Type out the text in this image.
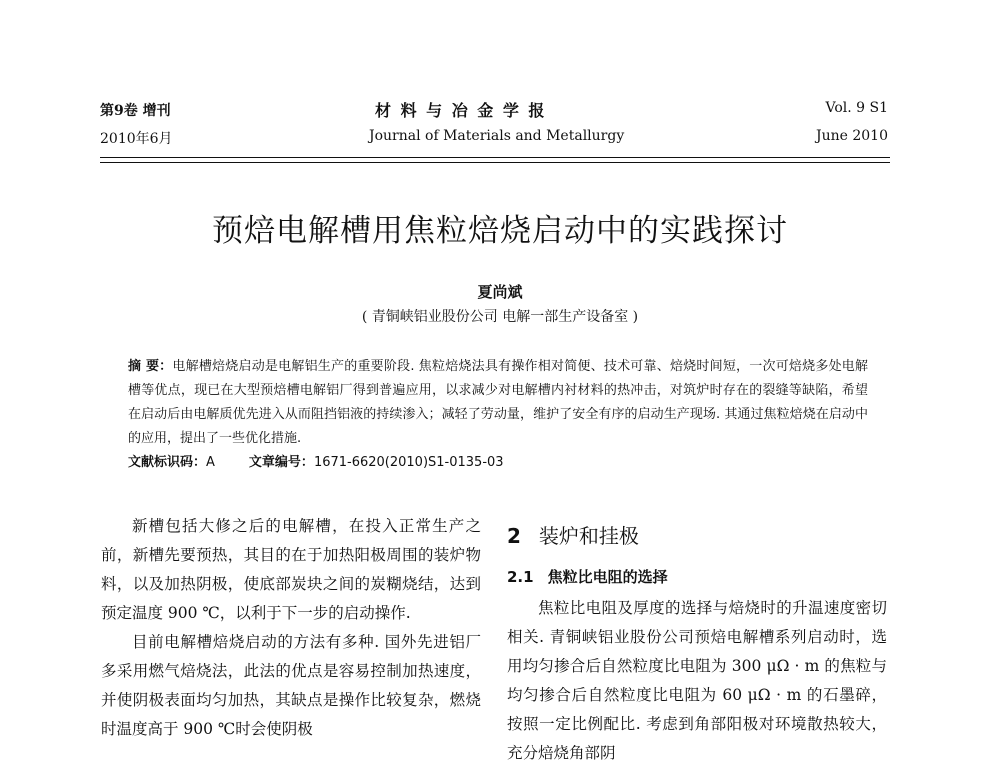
第9卷 增刊
2010年6月
材 料 与 冶 金 学 报
Journal of Materials and Metallurgy
Vol. 9 S1
June 2010
预焙电解槽用焦粒焙烧启动中的实践探讨
夏尚斌
( 青铜峡铝业股份公司 电解一部生产设备室 )
摘 要：电解槽焙烧启动是电解铝生产的重要阶段. 焦粒焙烧法具有操作相对简便、技术可靠、焙烧时间短，一次可焙烧多处电解槽等优点，现已在大型预焙槽电解铝厂得到普遍应用，以求减少对电解槽内衬材料的热冲击，对筑炉时存在的裂缝等缺陷，希望在启动后由电解质优先进入从而阻挡铝液的持续渗入；减轻了劳动量，维护了安全有序的启动生产现场. 其通过焦粒焙烧在启动中的应用，提出了一些优化措施.
文献标识码：A	文章编号：1671-6620(2010)S1-0135-03

新槽包括大修之后的电解槽，在投入正常生产之前，新槽先要预热，其目的在于加热阳极周围的装炉物料，以及加热阴极，使底部炭块之间的炭糊烧结，达到预定温度 900 ℃，以利于下一步的启动操作.

目前电解槽焙烧启动的方法有多种. 国外先进铝厂多采用燃气焙烧法，此法的优点是容易控制加热速度，并使阴极表面均匀加热，其缺点是操作比较复杂，燃烧时温度高于 900 ℃时会使阴极

2 装炉和挂极
2.1 焦粒比电阻的选择

焦粒比电阻及厚度的选择与焙烧时的升温速度密切相关. 青铜峡铝业股份公司预焙电解槽系列启动时，选用均匀掺合后自然粒度比电阻为 300 μΩ · m 的焦粒与均匀掺合后自然粒度比电阻为 60 μΩ · m 的石墨碎，按照一定比例配比. 考虑到角部阳极对环境散热较大，充分焙烧角部阴
